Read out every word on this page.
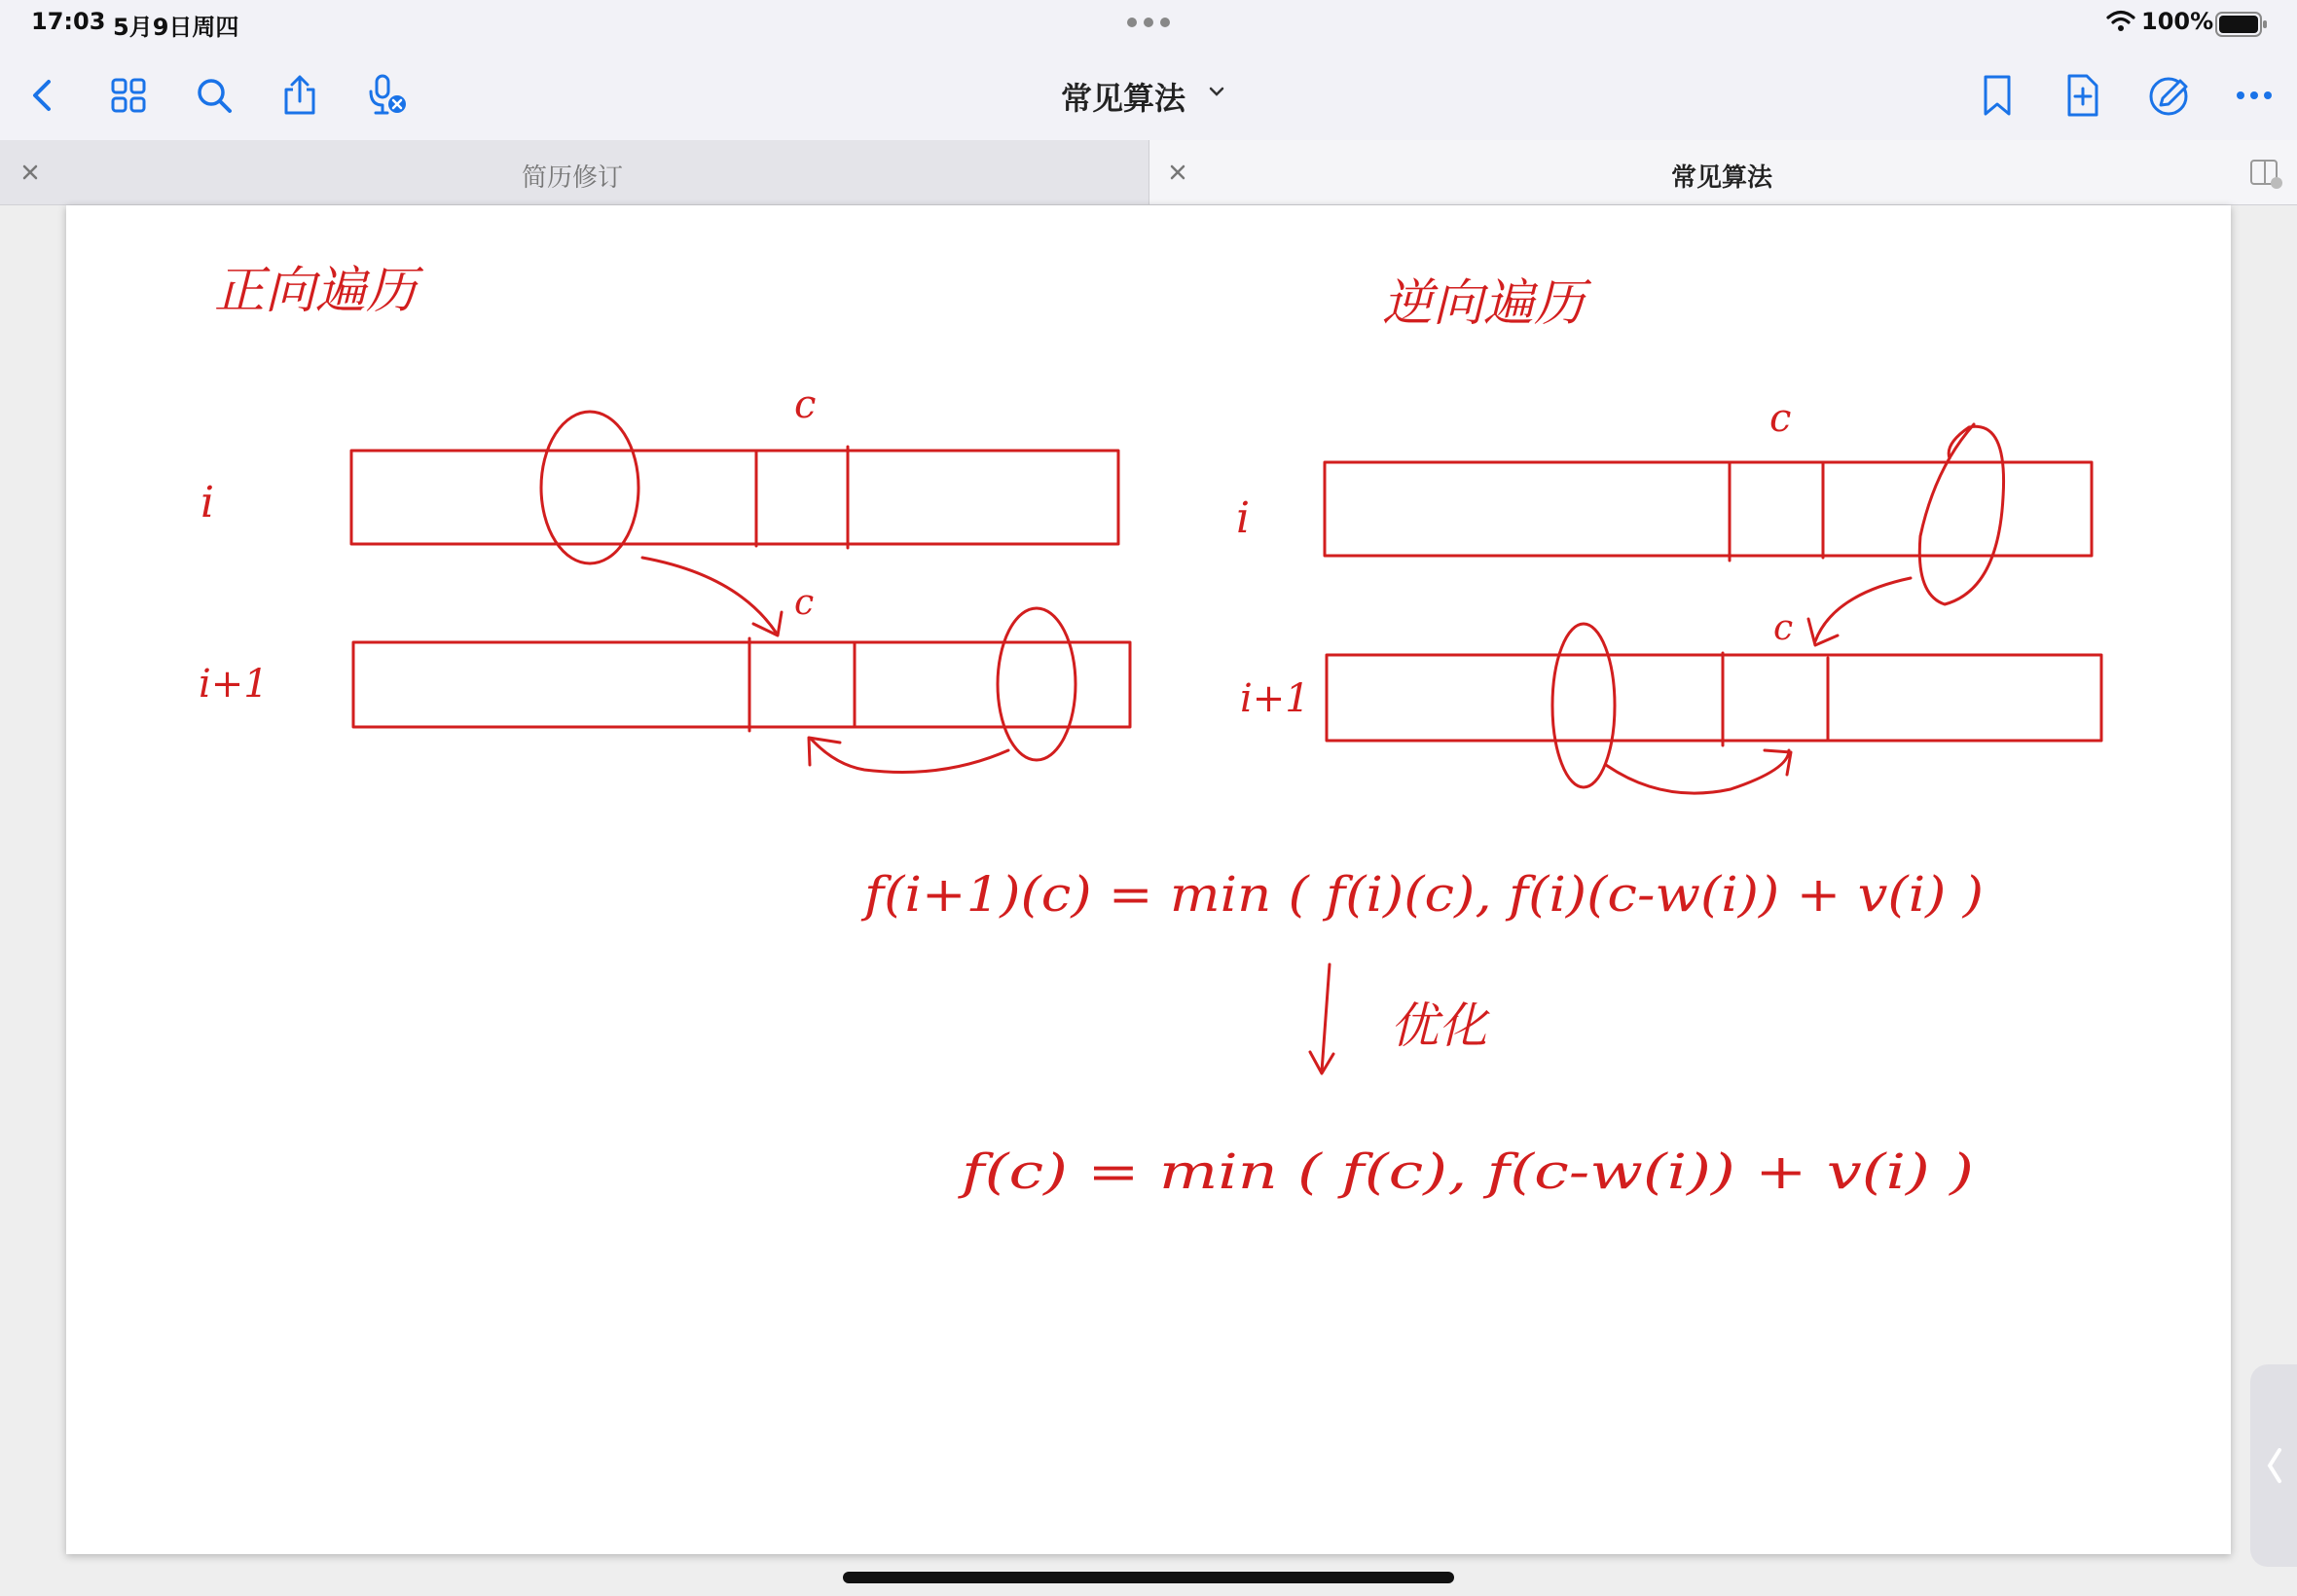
17:03 5月9日周四	100%
常见算法
简历修订	常见算法
正向遍历	逆向遍历
i
i+1
c
c
i
i+1
c
c
f(i+1)(c) = min ( f(i)(c), f(i)(c-w(i)) + v(i) )
优化
f(c) = min ( f(c), f(c-w(i)) + v(i) )
